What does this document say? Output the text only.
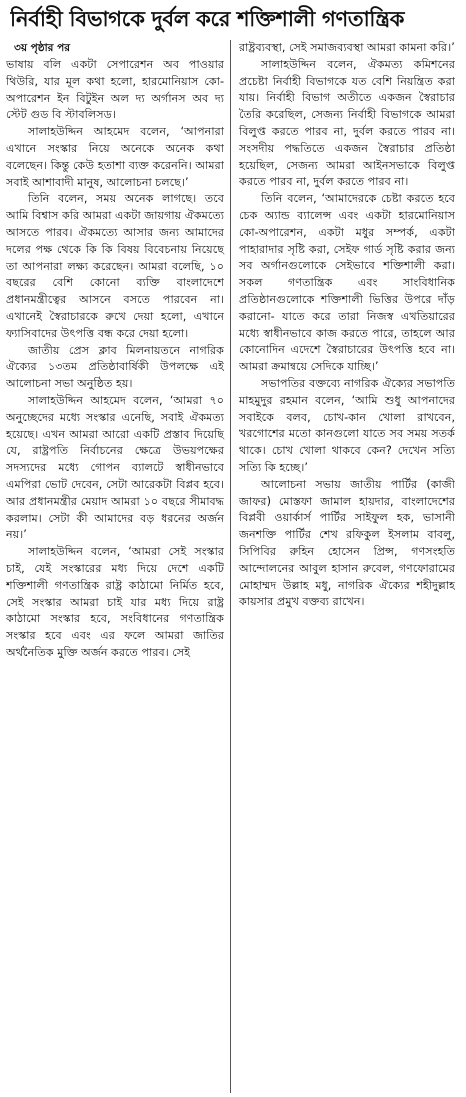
নির্বাহী বিভাগকে দুর্বল করে শক্তিশালী গণতান্ত্রিক
৩য় পৃষ্ঠার পর

ভাষায় বলি একটা সেপারেশন অব পাওয়ার থিউরি, যার মূল কথা হলো, হারমোনিয়াস কো-অপারেশন ইন বিটুইন অল দ্য অর্গানস অব দ্য স্টেট গুড বি স্টাবলিসড।

সালাহউদ্দিন আহমেদ বলেন, ‘আপনারা এখানে সংস্কার নিয়ে অনেকে অনেক কথা বলেছেন। কিন্তু কেউ হতাশা ব্যক্ত করেননি। আমরা সবাই আশাবাদী মানুষ, আলোচনা চলছে।’

তিনি বলেন, সময় অনেক লাগছে। তবে আমি বিশ্বাস করি আমরা একটা জায়গায় ঐকমত্যে আসতে পারব। ঐকমত্যে আসার জন্য আমাদের দলের পক্ষ থেকে কি কি বিষয় বিবেচনায় নিয়েছে তা আপনারা লক্ষ্য করেছেন। আমরা বলেছি, ১০ বছরের বেশি কোনো ব্যক্তি বাংলাদেশে প্রধানমন্ত্রীত্বের আসনে বসতে পারবেন না। এখানেই স্বৈরাচারকে রুখে দেয়া হলো, এখানে ফ্যাসিবাদের উৎপত্তি বন্ধ করে দেয়া হলো।

জাতীয় প্রেস ক্লাব মিলনায়তনে নাগরিক ঐক্যের ১৩তম প্রতিষ্ঠাবার্ষিকী উপলক্ষে এই আলোচনা সভা অনুষ্ঠিত হয়।

সালাহউদ্দিন আহমেদ বলেন, ‘আমরা ৭০ অনুচ্ছেদের মধ্যে সংস্কার এনেছি, সবাই ঐকমত্য হয়েছে। এখন আমরা আরো একটি প্রস্তাব দিয়েছি যে, রাষ্ট্রপতি নির্বাচনের ক্ষেত্রে উভয়পক্ষের সদস্যদের মধ্যে গোপন ব্যালটে স্বাধীনভাবে এমপিরা ভোট দেবেন, সেটা আরেকটা বিপ্লব হবে। আর প্রধানমন্ত্রীর মেয়াদ আমরা ১০ বছরে সীমাবদ্ধ করলাম। সেটা কী আমাদের বড় ধরনের অর্জন নয়।’

সালাহউদ্দিন বলেন, ‘আমরা সেই সংস্কার চাই, যেই সংস্কারের মধ্য দিয়ে দেশে একটি শক্তিশালী গণতান্ত্রিক রাষ্ট্র কাঠামো নির্মিত হবে, সেই সংস্কার আমরা চাই যার মধ্য দিয়ে রাষ্ট্র কাঠামো সংস্কার হবে, সংবিধানের গণতান্ত্রিক সংস্কার হবে এবং এর ফলে আমরা জাতির অর্থনৈতিক মুক্তি অর্জন করতে পারব। সেই

রাষ্ট্রব্যবস্থা, সেই সমাজব্যবস্থা আমরা কামনা করি।’

সালাহউদ্দিন বলেন, ঐকমত্য কমিশনের প্রচেষ্টা নির্বাহী বিভাগকে যত বেশি নিয়ন্ত্রিত করা যায়। নির্বাহী বিভাগ অতীতে একজন স্বৈরাচার তৈরি করেছিল, সেজন্য নির্বাহী বিভাগকে আমরা বিলুপ্ত করতে পারব না, দুর্বল করতে পারব না। সংসদীয় পদ্ধতিতে একজন স্বৈরাচার প্রতিষ্ঠা হয়েছিল, সেজন্য আমরা আইনসভাকে বিলুপ্ত করতে পারব না, দুর্বল করতে পারব না।

তিনি বলেন, ‘আমাদেরকে চেষ্টা করতে হবে চেক অ্যান্ড ব্যালেন্স এবং একটা হারমোনিয়াস কো-অপারেশন, একটা মধুর সম্পর্ক, একটা পাহারাদার সৃষ্টি করা, সেইফ গার্ড সৃষ্টি করার জন্য সব অর্গানগুলোকে সেইভাবে শক্তিশালী করা। সকল গণতান্ত্রিক এবং সাংবিধানিক প্রতিষ্ঠানগুলোকে শক্তিশালী ভিত্তির উপরে দাঁড় করানো- যাতে করে তারা নিজস্ব এখতিয়ারের মধ্যে স্বাধীনভাবে কাজ করতে পারে, তাহলে আর কোনোদিন এদেশে স্বৈরাচারের উৎপত্তি হবে না। আমরা ক্রমান্বয়ে সেদিকে যাচ্ছি।’

সভাপতির বক্তব্যে নাগরিক ঐক্যের সভাপতি মাহমুদুর রহমান বলেন, ‘আমি শুধু আপনাদের সবাইকে বলব, চোখ-কান খোলা রাখবেন, খরগোশের মতো কানগুলো যাতে সব সময় সতর্ক থাকে। চোখ খোলা থাকবে কেন? দেখেন সত্যি সত্যি কি হচ্ছে।’

আলোচনা সভায় জাতীয় পার্টির (কাজী জাফর) মোস্তফা জামাল হায়দার, বাংলাদেশের বিপ্লবী ওয়ার্কার্স পার্টির সাইফুল হক, ভাসানী জনশক্তি পার্টির শেখ রফিকুল ইসলাম বাবলু, সিপিবির রুহিন হোসেন প্রিন্স, গণসংহতি আন্দোলনের আবুল হাসান রুবেল, গণফোরামের মোহাম্মদ উল্লাহ মধু, নাগরিক ঐক্যের শহীদুল্লাহ কায়সার প্রমুখ বক্তব্য রাখেন।
